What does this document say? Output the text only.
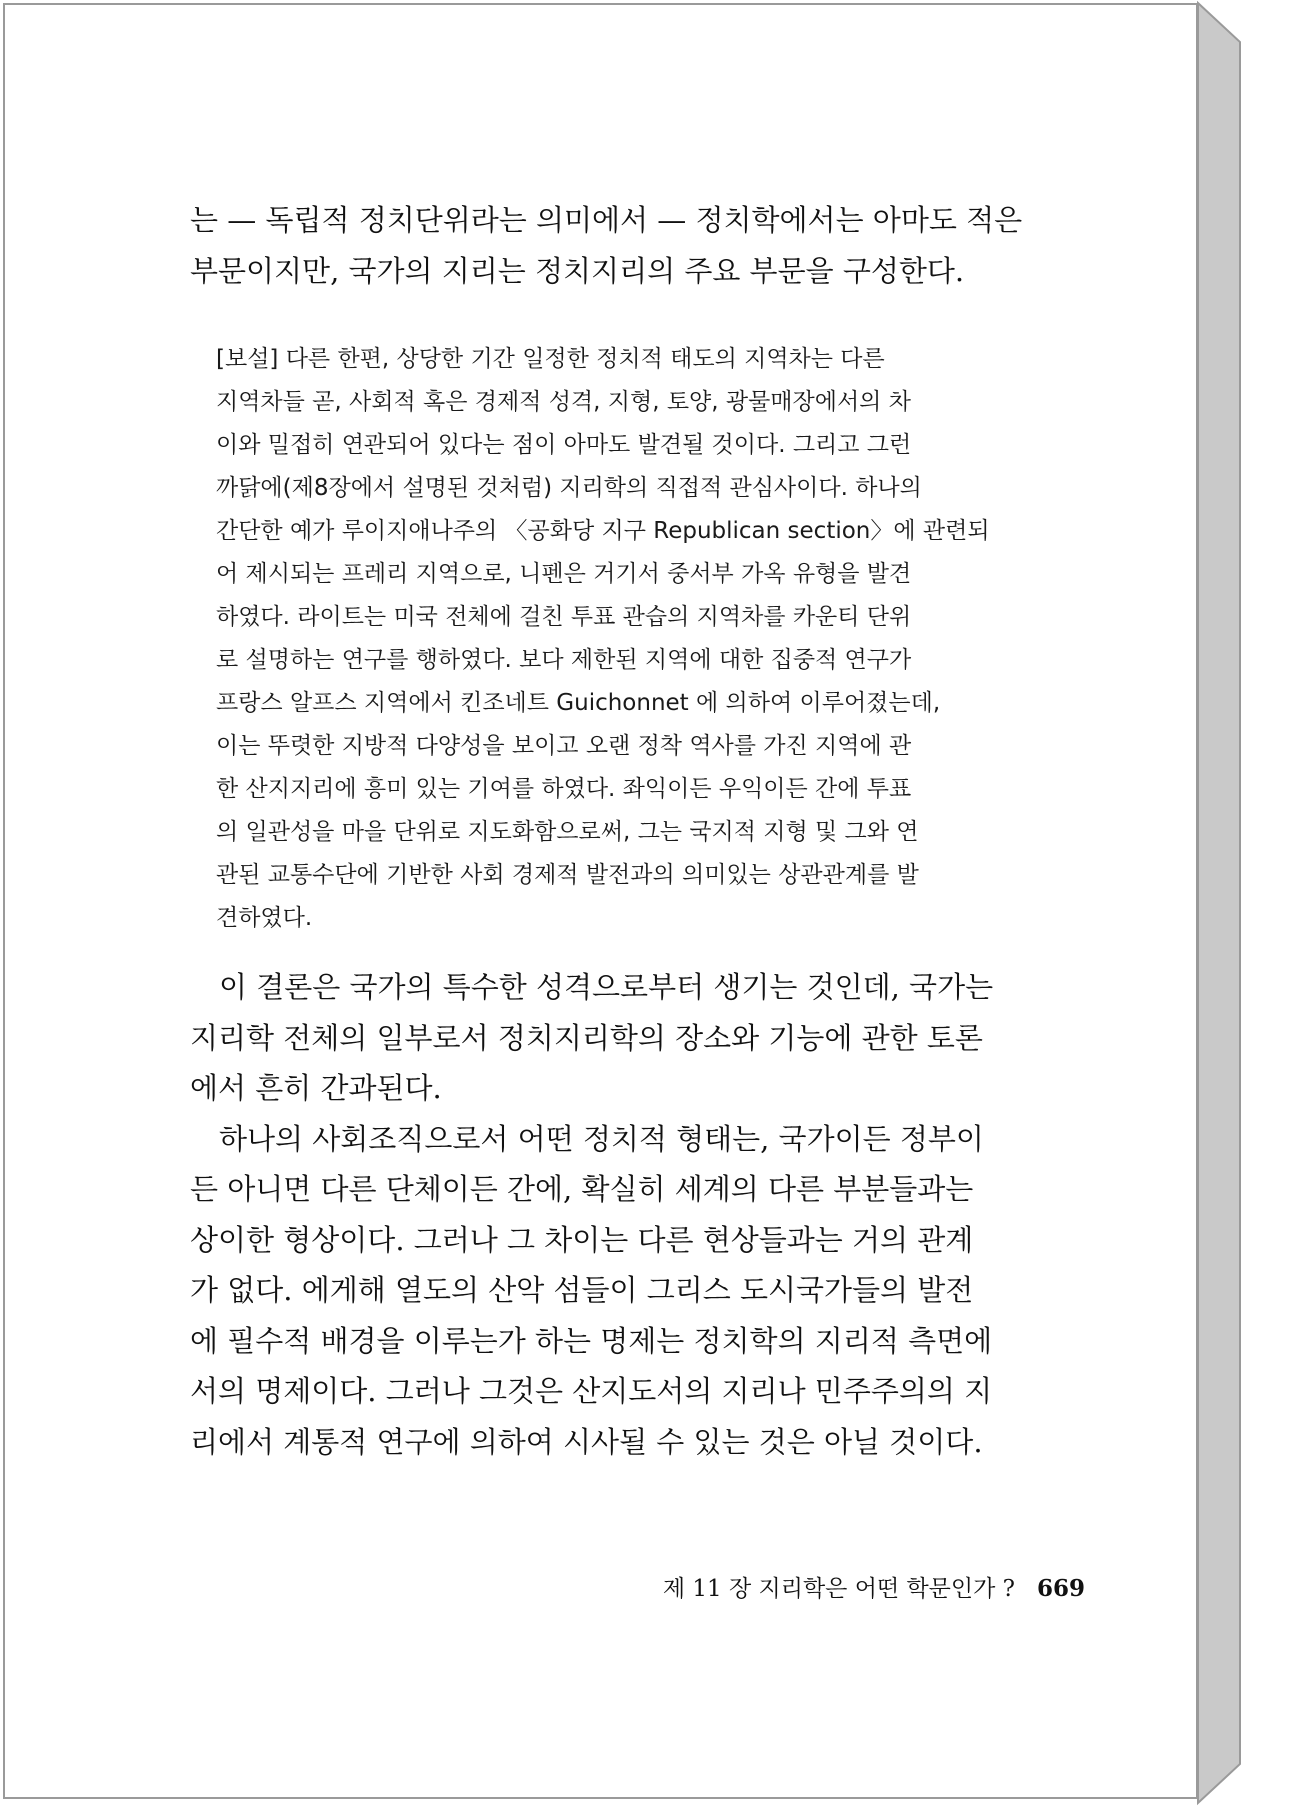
는 — 독립적 정치단위라는 의미에서 — 정치학에서는 아마도 적은
부문이지만, 국가의 지리는 정치지리의 주요 부문을 구성한다.
[보설] 다른 한편, 상당한 기간 일정한 정치적 태도의 지역차는 다른
지역차들 곧, 사회적 혹은 경제적 성격, 지형, 토양, 광물매장에서의 차
이와 밀접히 연관되어 있다는 점이 아마도 발견될 것이다. 그리고 그런
까닭에(제8장에서 설명된 것처럼) 지리학의 직접적 관심사이다. 하나의
간단한 예가 루이지애나주의 〈공화당 지구 Republican section〉에 관련되
어 제시되는 프레리 지역으로, 니펜은 거기서 중서부 가옥 유형을 발견
하였다. 라이트는 미국 전체에 걸친 투표 관습의 지역차를 카운티 단위
로 설명하는 연구를 행하였다. 보다 제한된 지역에 대한 집중적 연구가
프랑스 알프스 지역에서 킨조네트 Guichonnet 에 의하여 이루어졌는데,
이는 뚜렷한 지방적 다양성을 보이고 오랜 정착 역사를 가진 지역에 관
한 산지지리에 흥미 있는 기여를 하였다. 좌익이든 우익이든 간에 투표
의 일관성을 마을 단위로 지도화함으로써, 그는 국지적 지형 및 그와 연
관된 교통수단에 기반한 사회 경제적 발전과의 의미있는 상관관계를 발
견하였다.
이 결론은 국가의 특수한 성격으로부터 생기는 것인데, 국가는
지리학 전체의 일부로서 정치지리학의 장소와 기능에 관한 토론
에서 흔히 간과된다.
하나의 사회조직으로서 어떤 정치적 형태는, 국가이든 정부이
든 아니면 다른 단체이든 간에, 확실히 세계의 다른 부분들과는
상이한 형상이다. 그러나 그 차이는 다른 현상들과는 거의 관계
가 없다. 에게해 열도의 산악 섬들이 그리스 도시국가들의 발전
에 필수적 배경을 이루는가 하는 명제는 정치학의 지리적 측면에
서의 명제이다. 그러나 그것은 산지도서의 지리나 민주주의의 지
리에서 계통적 연구에 의하여 시사될 수 있는 것은 아닐 것이다.
제 11 장 지리학은 어떤 학문인가 ? 669
